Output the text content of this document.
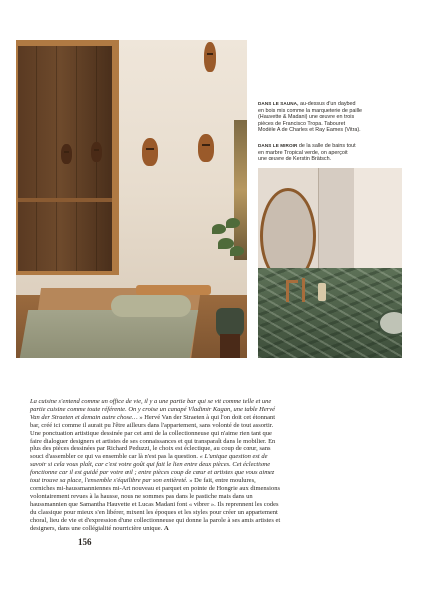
DANS LE SAUNA, au-dessus d'un daybed en bois mis comme la marqueterie de paille (Hauvette & Madani) une œuvre en trois pièces de Francisco Tropa. Tabouret Modèle A de Charles et Ray Eames (Vitra).

DANS LE MIROIR de la salle de bains tout en marbre Tropical verde, on aperçoit une œuvre de Kerstin Brätsch.

La cuisine s'entend comme un office de vie, il y a une partie bar qui se vit comme telle et une partie cuisine comme toute référente. On y croise un canapé Vladimir Kagan, une table Hervé Van der Straeten et demain autre chose… » Hervé Van der Straeten à qui l'on doit cet étonnant bar, créé ici comme il aurait pu l'être ailleurs dans l'appartement, sans volonté de tout assortir. Une ponctuation artistique dessinée par cet ami de la collectionneuse qui n'aime rien tant que faire dialoguer designers et artistes de ses connaissances et qui transparaît dans le mobilier. En plus des pièces dessinées par Richard Peduzzi, le choix est éclectique, au coup de cœur, sans souci d'assembler ce qui va ensemble car là n'est pas la question. « L'unique question est de savoir si cela vous plaît, car c'est votre goût qui fait le lien entre deux pièces. Cet éclectisme fonctionne car il est guidé par votre œil ; entre pièces coup de cœur et artistes que vous aimez tout trouve sa place, l'ensemble s'équilibre par son entièreté. » De fait, entre moulures, corniches mi-haussmanniennes mi-Art nouveau et parquet en pointe de Hongrie aux dimensions volontairement revues à la hausse, nous ne sommes pas dans le pastiche mais dans un haussmannien que Samantha Hauvette et Lucas Madani font « vibrer ». Ils reprennent les codes du classique pour mieux s'en libérer, mixent les époques et les styles pour créer un appartement choral, lieu de vie et d'expression d'une collectionneuse qui donne la parole à ses amis artistes et designers, dans une collégialité nourricière unique. A

156
